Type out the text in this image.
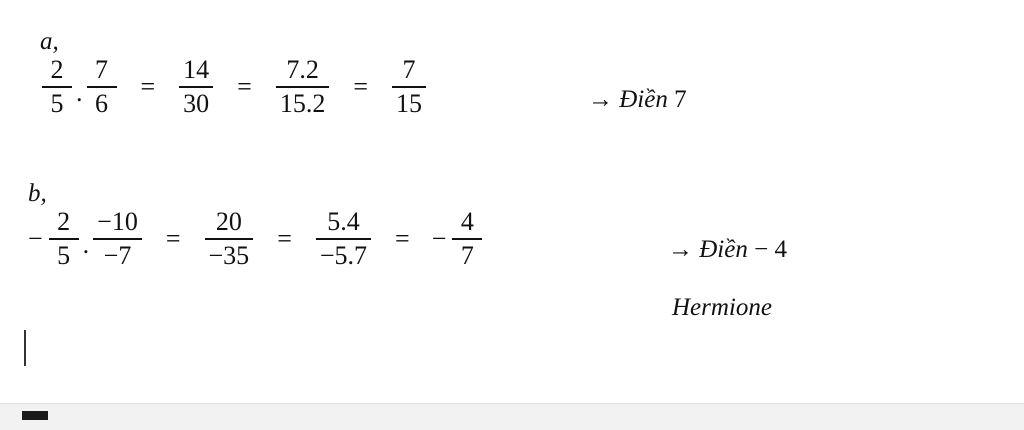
a,
$\frac{2}{5}$ . $\frac{7}{6} = \frac{14}{30} = \frac{7.2}{15.2} = \frac{7}{15}$	→ Điền 7
b,
− $\frac{2}{5}$ . $\frac{-10}{-7} = \frac{20}{-35} = \frac{5.4}{-5.7}$ = − $\frac{4}{7}$	→ Điền − 4
Hermione
